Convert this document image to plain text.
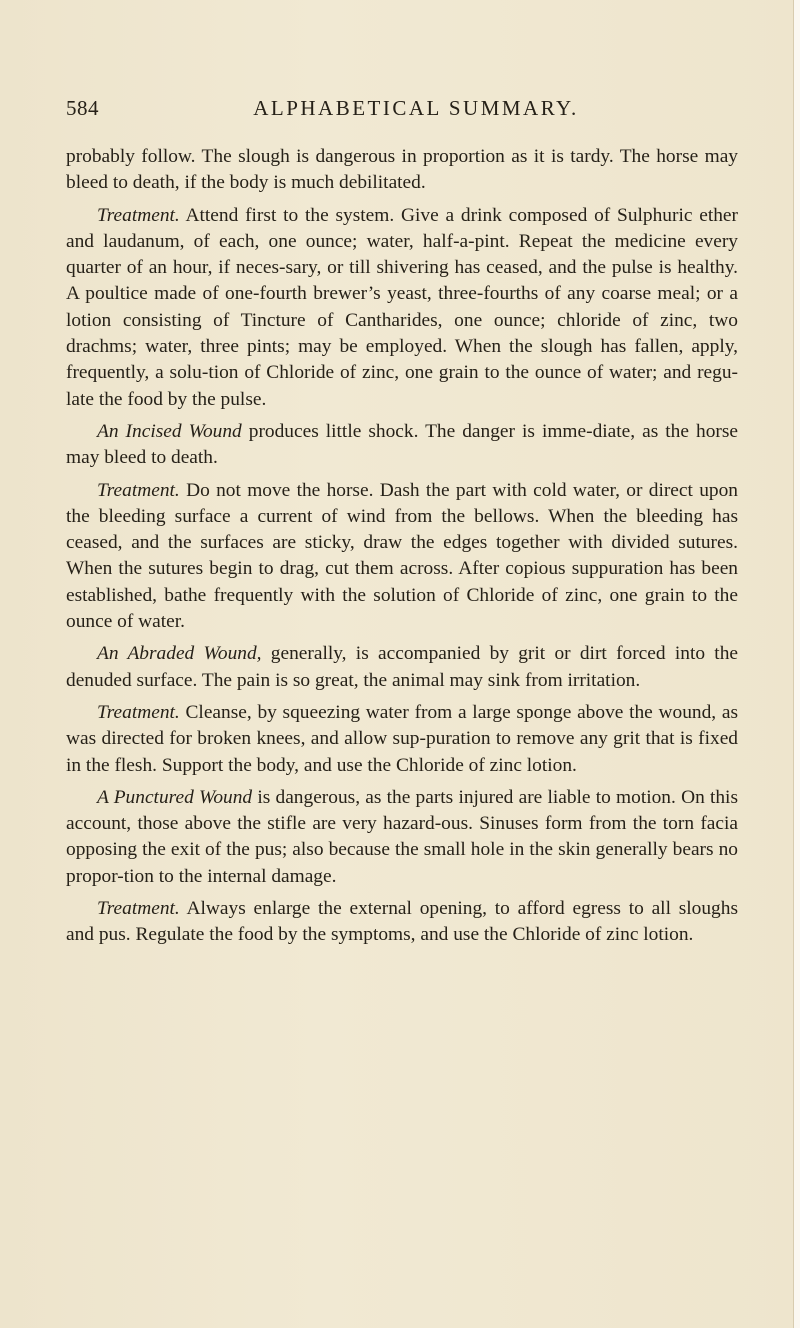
584	ALPHABETICAL SUMMARY.

probably follow. The slough is dangerous in proportion as it is tardy. The horse may bleed to death, if the body is much debilitated.

Treatment. Attend first to the system. Give a drink composed of Sulphuric ether and laudanum, of each, one ounce; water, half-a-pint. Repeat the medicine every quarter of an hour, if neces-sary, or till shivering has ceased, and the pulse is healthy. A poultice made of one-fourth brewer’s yeast, three-fourths of any coarse meal; or a lotion consisting of Tincture of Cantharides, one ounce; chloride of zinc, two drachms; water, three pints; may be employed. When the slough has fallen, apply, frequently, a solu-tion of Chloride of zinc, one grain to the ounce of water; and regu-late the food by the pulse.

An Incised Wound produces little shock. The danger is imme-diate, as the horse may bleed to death.

Treatment. Do not move the horse. Dash the part with cold water, or direct upon the bleeding surface a current of wind from the bellows. When the bleeding has ceased, and the surfaces are sticky, draw the edges together with divided sutures. When the sutures begin to drag, cut them across. After copious suppuration has been established, bathe frequently with the solution of Chloride of zinc, one grain to the ounce of water.

An Abraded Wound, generally, is accompanied by grit or dirt forced into the denuded surface. The pain is so great, the animal may sink from irritation.

Treatment. Cleanse, by squeezing water from a large sponge above the wound, as was directed for broken knees, and allow sup-puration to remove any grit that is fixed in the flesh. Support the body, and use the Chloride of zinc lotion.

A Punctured Wound is dangerous, as the parts injured are liable to motion. On this account, those above the stifle are very hazard-ous. Sinuses form from the torn facia opposing the exit of the pus; also because the small hole in the skin generally bears no propor-tion to the internal damage.

Treatment. Always enlarge the external opening, to afford egress to all sloughs and pus. Regulate the food by the symptoms, and use the Chloride of zinc lotion.
